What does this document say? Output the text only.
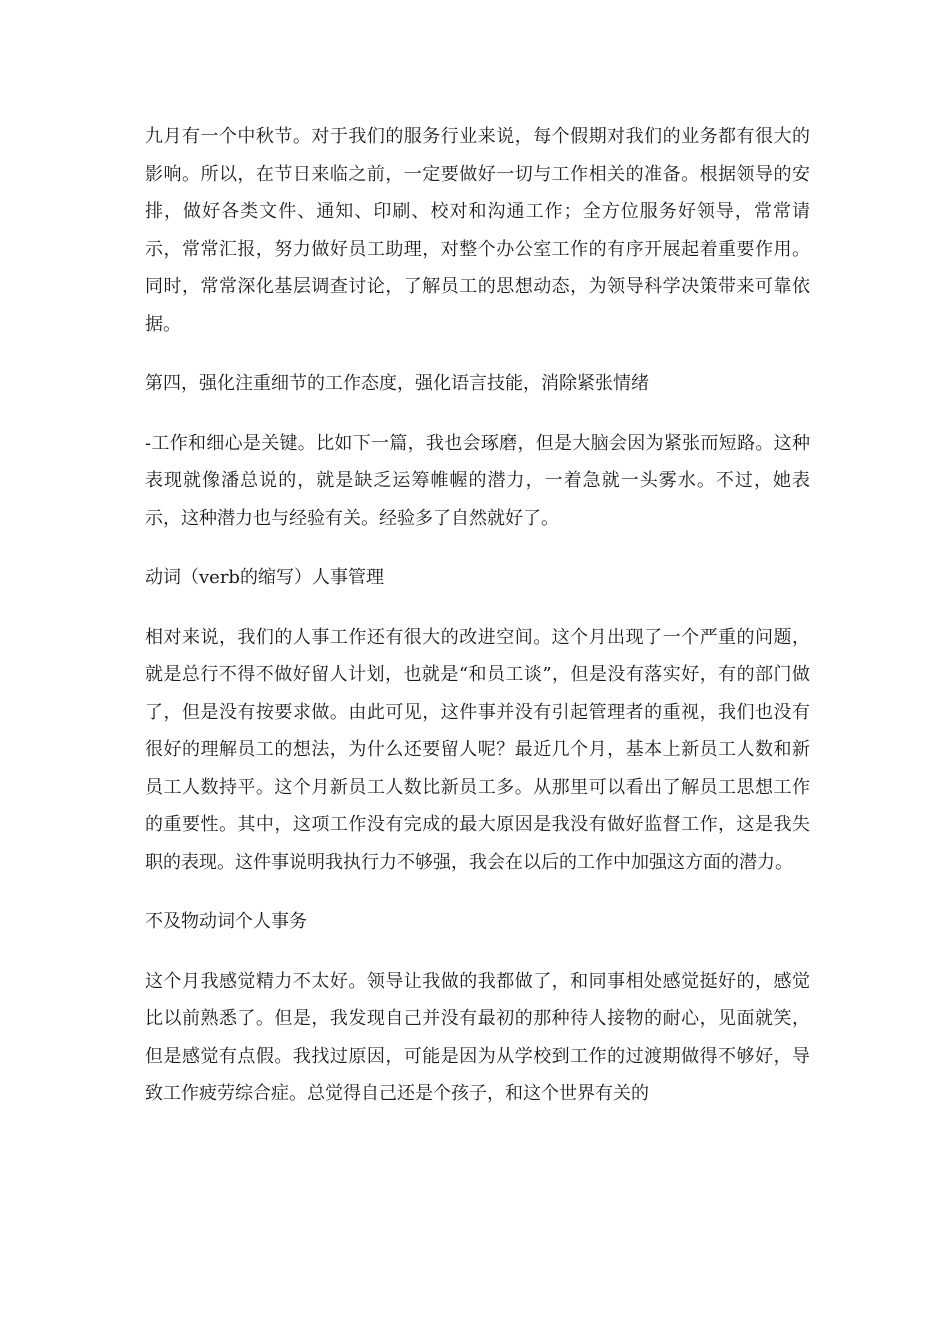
九月有一个中秋节。对于我们的服务行业来说，每个假期对我们的业务都有很大的影响。所以，在节日来临之前，一定要做好一切与工作相关的准备。根据领导的安排，做好各类文件、通知、印刷、校对和沟通工作；全方位服务好领导，常常请示，常常汇报，努力做好员工助理，对整个办公室工作的有序开展起着重要作用。同时，常常深化基层调查讨论，了解员工的思想动态，为领导科学决策带来可靠依据。

第四，强化注重细节的工作态度，强化语言技能，消除紧张情绪

-工作和细心是关键。比如下一篇，我也会琢磨，但是大脑会因为紧张而短路。这种表现就像潘总说的，就是缺乏运筹帷幄的潜力，一着急就一头雾水。不过，她表示，这种潜力也与经验有关。经验多了自然就好了。

动词（verb的缩写）人事管理

相对来说，我们的人事工作还有很大的改进空间。这个月出现了一个严重的问题，就是总行不得不做好留人计划，也就是“和员工谈”，但是没有落实好，有的部门做了，但是没有按要求做。由此可见，这件事并没有引起管理者的重视，我们也没有很好的理解员工的想法，为什么还要留人呢？最近几个月，基本上新员工人数和新员工人数持平。这个月新员工人数比新员工多。从那里可以看出了解员工思想工作的重要性。其中，这项工作没有完成的最大原因是我没有做好监督工作，这是我失职的表现。这件事说明我执行力不够强，我会在以后的工作中加强这方面的潜力。

不及物动词个人事务

这个月我感觉精力不太好。领导让我做的我都做了，和同事相处感觉挺好的，感觉比以前熟悉了。但是，我发现自己并没有最初的那种待人接物的耐心，见面就笑，但是感觉有点假。我找过原因，可能是因为从学校到工作的过渡期做得不够好，导致工作疲劳综合症。总觉得自己还是个孩子，和这个世界有关的
